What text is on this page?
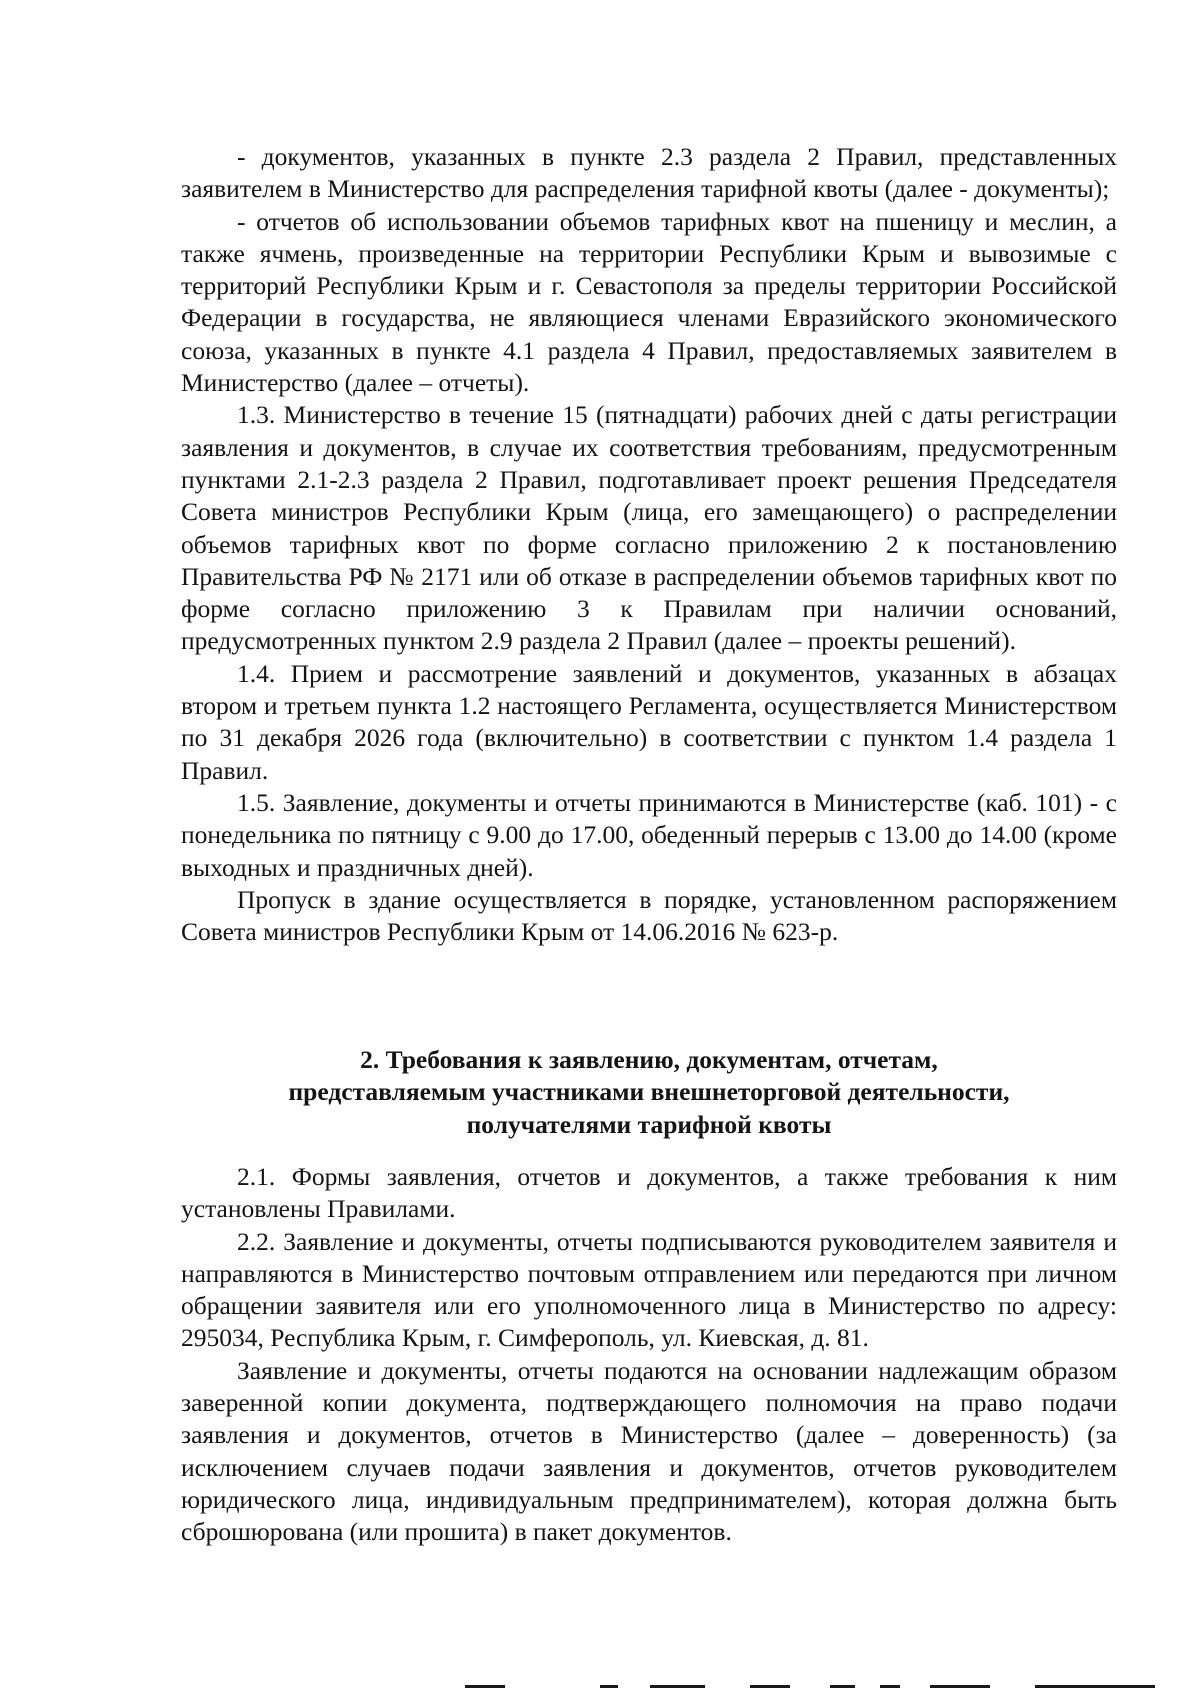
- документов, указанных в пункте 2.3 раздела 2 Правил, представленных заявителем в Министерство для распределения тарифной квоты (далее - документы);

- отчетов об использовании объемов тарифных квот на пшеницу и меслин, а также ячмень, произведенные на территории Республики Крым и вывозимые с территорий Республики Крым и г. Севастополя за пределы территории Российской Федерации в государства, не являющиеся членами Евразийского экономического союза, указанных в пункте 4.1 раздела 4 Правил, предоставляемых заявителем в Министерство (далее – отчеты).

1.3. Министерство в течение 15 (пятнадцати) рабочих дней с даты регистрации заявления и документов, в случае их соответствия требованиям, предусмотренным пунктами 2.1-2.3 раздела 2 Правил, подготавливает проект решения Председателя Совета министров Республики Крым (лица, его замещающего) о распределении объемов тарифных квот по форме согласно приложению 2 к постановлению Правительства РФ № 2171 или об отказе в распределении объемов тарифных квот по форме согласно приложению 3 к Правилам при наличии оснований, предусмотренных пунктом 2.9 раздела 2 Правил (далее – проекты решений).

1.4. Прием и рассмотрение заявлений и документов, указанных в абзацах втором и третьем пункта 1.2 настоящего Регламента, осуществляется Министерством по 31 декабря 2026 года (включительно) в соответствии с пунктом 1.4 раздела 1 Правил.

1.5. Заявление, документы и отчеты принимаются в Министерстве (каб. 101) - с понедельника по пятницу с 9.00 до 17.00, обеденный перерыв с 13.00 до 14.00 (кроме выходных и праздничных дней).

Пропуск в здание осуществляется в порядке, установленном распоряжением Совета министров Республики Крым от 14.06.2016 № 623-р.

2. Требования к заявлению, документам, отчетам,
представляемым участниками внешнеторговой деятельности,
получателями тарифной квоты

2.1. Формы заявления, отчетов и документов, а также требования к ним установлены Правилами.

2.2. Заявление и документы, отчеты подписываются руководителем заявителя и направляются в Министерство почтовым отправлением или передаются при личном обращении заявителя или его уполномоченного лица в Министерство по адресу: 295034, Республика Крым, г. Симферополь, ул. Киевская, д. 81.

Заявление и документы, отчеты подаются на основании надлежащим образом заверенной копии документа, подтверждающего полномочия на право подачи заявления и документов, отчетов в Министерство (далее – доверенность) (за исключением случаев подачи заявления и документов, отчетов руководителем юридического лица, индивидуальным предпринимателем), которая должна быть сброшюрована (или прошита) в пакет документов.
